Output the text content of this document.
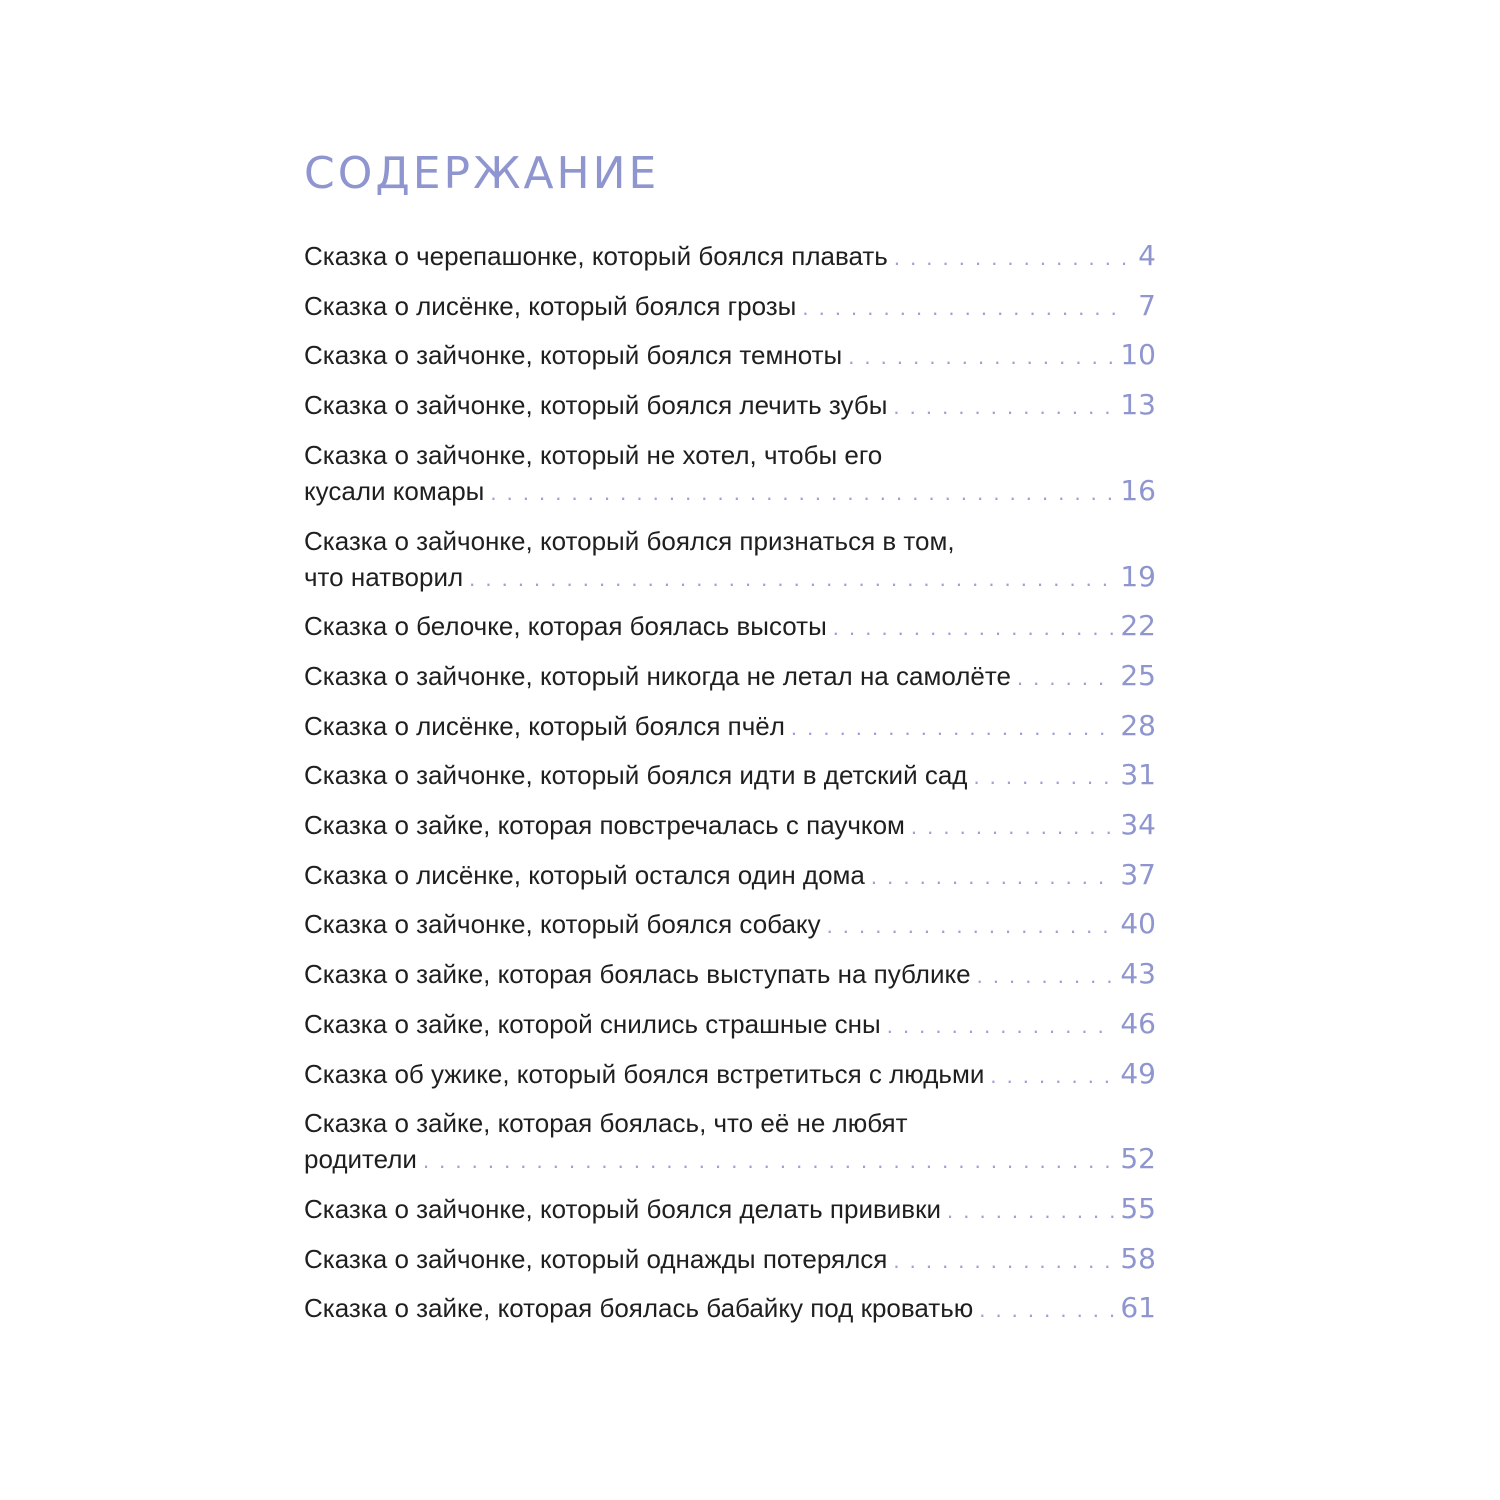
СОДЕРЖАНИЕ
Сказка о черепашонке, который боялся плавать . . .	4
Сказка о лисёнке, который боялся грозы . . .	7
Сказка о зайчонке, который боялся темноты . . .	10
Сказка о зайчонке, который боялся лечить зубы . . .	13
Сказка о зайчонке, который не хотел, чтобы его
кусали комары . . .	16
Сказка о зайчонке, который боялся признаться в том,
что натворил . . .	19
Сказка о белочке, которая боялась высоты . . .	22
Сказка о зайчонке, который никогда не летал на самолёте . . .	25
Сказка о лисёнке, который боялся пчёл . . .	28
Сказка о зайчонке, который боялся идти в детский сад . . .	31
Сказка о зайке, которая повстречалась с паучком . . .	34
Сказка о лисёнке, который остался один дома . . .	37
Сказка о зайчонке, который боялся собаку . . .	40
Сказка о зайке, которая боялась выступать на публике . . .	43
Сказка о зайке, которой снились страшные сны . . .	46
Сказка об ужике, который боялся встретиться с людьми . . .	49
Сказка о зайке, которая боялась, что её не любят
родители . . .	52
Сказка о зайчонке, который боялся делать прививки . . .	55
Сказка о зайчонке, который однажды потерялся . . .	58
Сказка о зайке, которая боялась бабайку под кроватью . . .	61
